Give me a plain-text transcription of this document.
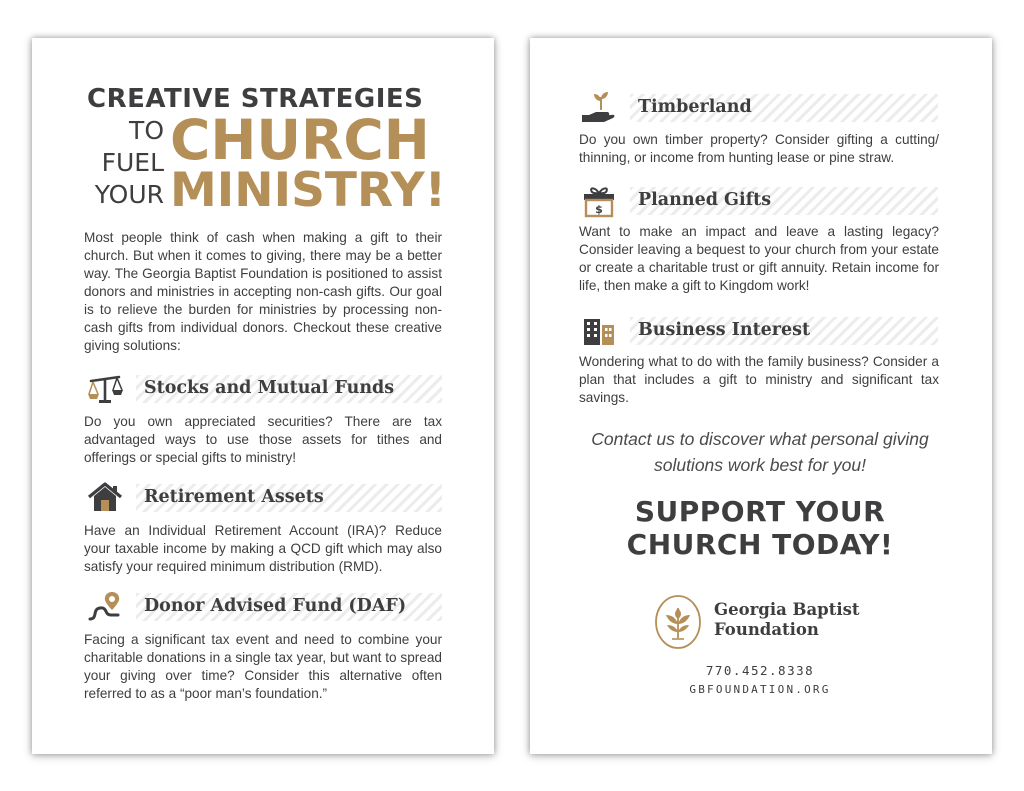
CREATIVE STRATEGIES
TO
FUEL
YOUR
CHURCH
MINISTRY!

Most people think of cash when making a gift to their church. But when it comes to giving, there may be a better way. The Georgia Baptist Foundation is positioned to assist donors and ministries in accepting non-cash gifts. Our goal is to relieve the burden for ministries by processing non-cash gifts from individual donors. Checkout these creative giving solutions:

Stocks and Mutual Funds

Do you own appreciated securities? There are tax advantaged ways to use those assets for tithes and offerings or special gifts to ministry!

Retirement Assets

Have an Individual Retirement Account (IRA)? Reduce your taxable income by making a QCD gift which may also satisfy your required minimum distribution (RMD).

Donor Advised Fund (DAF)

Facing a significant tax event and need to combine your charitable donations in a single tax year, but want to spread your giving over time? Consider this alternative often referred to as a “poor man’s foundation.”

Timberland

Do you own timber property? Consider gifting a cutting/ thinning, or income from hunting lease or pine straw.

$ Planned Gifts

Want to make an impact and leave a lasting legacy? Consider leaving a bequest to your church from your estate or create a charitable trust or gift annuity. Retain income for life, then make a gift to Kingdom work!

Business Interest

Wondering what to do with the family business? Consider a plan that includes a gift to ministry and significant tax savings.

Contact us to discover what personal giving solutions work best for you!

SUPPORT YOUR
CHURCH TODAY!
Georgia Baptist
Foundation
770.452.8338
GBFOUNDATION.ORG
